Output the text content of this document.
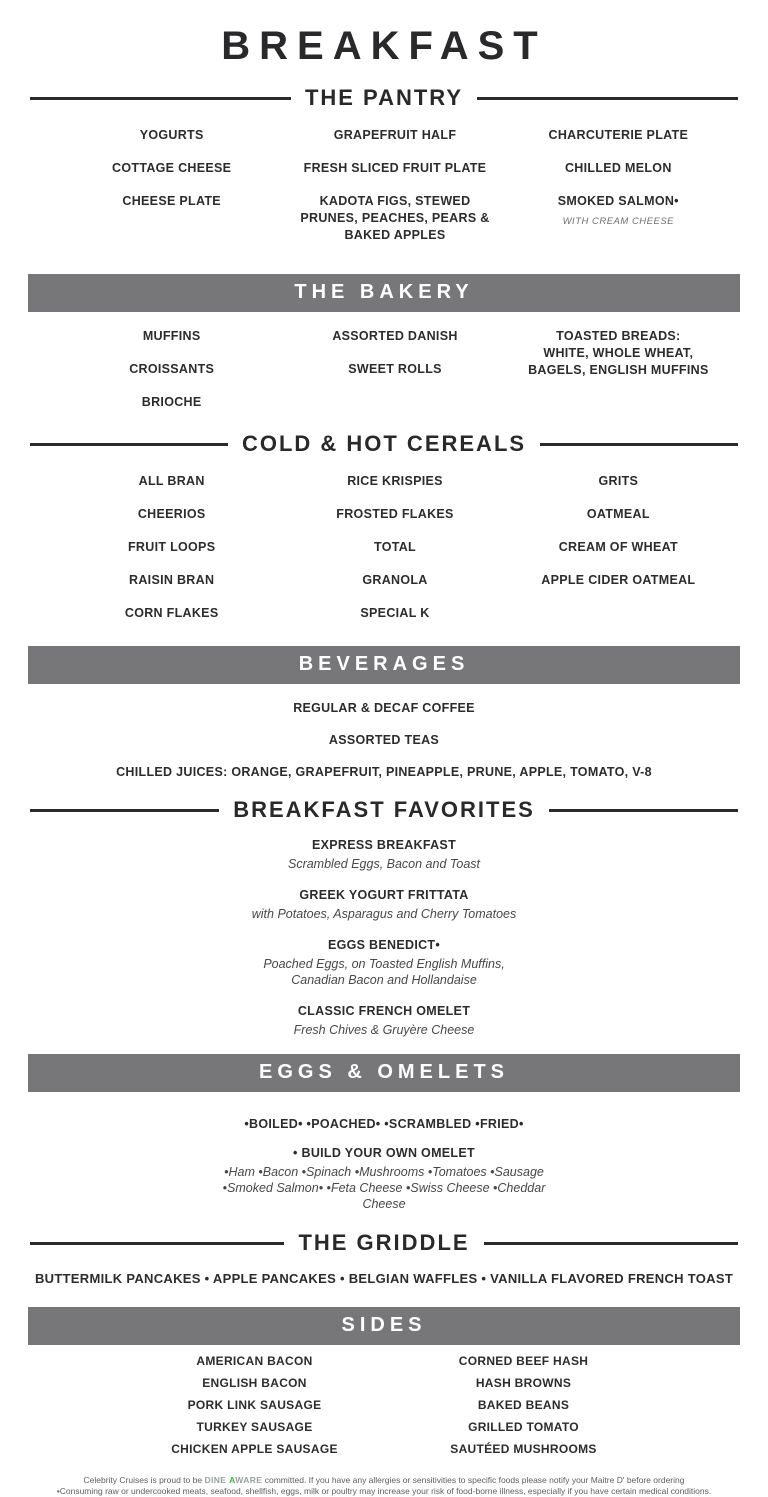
BREAKFAST
THE PANTRY
YOGURTS
COTTAGE CHEESE
CHEESE PLATE
GRAPEFRUIT HALF
FRESH SLICED FRUIT PLATE
KADOTA FIGS, STEWED
PRUNES, PEACHES, PEARS &
BAKED APPLES
CHARCUTERIE PLATE
CHILLED MELON
SMOKED SALMON•
WITH CREAM CHEESE
THE BAKERY
MUFFINS
CROISSANTS
BRIOCHE
ASSORTED DANISH
SWEET ROLLS
TOASTED BREADS:
WHITE, WHOLE WHEAT,
BAGELS, ENGLISH MUFFINS
COLD & HOT CEREALS
ALL BRAN
CHEERIOS
FRUIT LOOPS
RAISIN BRAN
CORN FLAKES
RICE KRISPIES
FROSTED FLAKES
TOTAL
GRANOLA
SPECIAL K
GRITS
OATMEAL
CREAM OF WHEAT
APPLE CIDER OATMEAL
BEVERAGES
REGULAR & DECAF COFFEE
ASSORTED TEAS
CHILLED JUICES: ORANGE, GRAPEFRUIT, PINEAPPLE, PRUNE, APPLE, TOMATO, V-8
BREAKFAST FAVORITES
EXPRESS BREAKFAST
Scrambled Eggs, Bacon and Toast
GREEK YOGURT FRITTATA
with Potatoes, Asparagus and Cherry Tomatoes
EGGS BENEDICT•
Poached Eggs, on Toasted English Muffins,
Canadian Bacon and Hollandaise
CLASSIC FRENCH OMELET
Fresh Chives & Gruyère Cheese
EGGS & OMELETS
•BOILED• •POACHED• •SCRAMBLED •FRIED•
• BUILD YOUR OWN OMELET
•Ham •Bacon •Spinach •Mushrooms •Tomatoes •Sausage
•Smoked Salmon• •Feta Cheese •Swiss Cheese •Cheddar
Cheese
THE GRIDDLE
BUTTERMILK PANCAKES • APPLE PANCAKES • BELGIAN WAFFLES • VANILLA FLAVORED FRENCH TOAST
SIDES
AMERICAN BACON
ENGLISH BACON
PORK LINK SAUSAGE
TURKEY SAUSAGE
CHICKEN APPLE SAUSAGE
CORNED BEEF HASH
HASH BROWNS
BAKED BEANS
GRILLED TOMATO
SAUTÉED MUSHROOMS

Celebrity Cruises is proud to be DINE AWARE committed. If you have any allergies or sensitivities to specific foods please notify your Maitre D' before ordering

•Consuming raw or undercooked meats, seafood, shellfish, eggs, milk or poultry may increase your risk of food-borne illness, especially if you have certain medical conditions.
